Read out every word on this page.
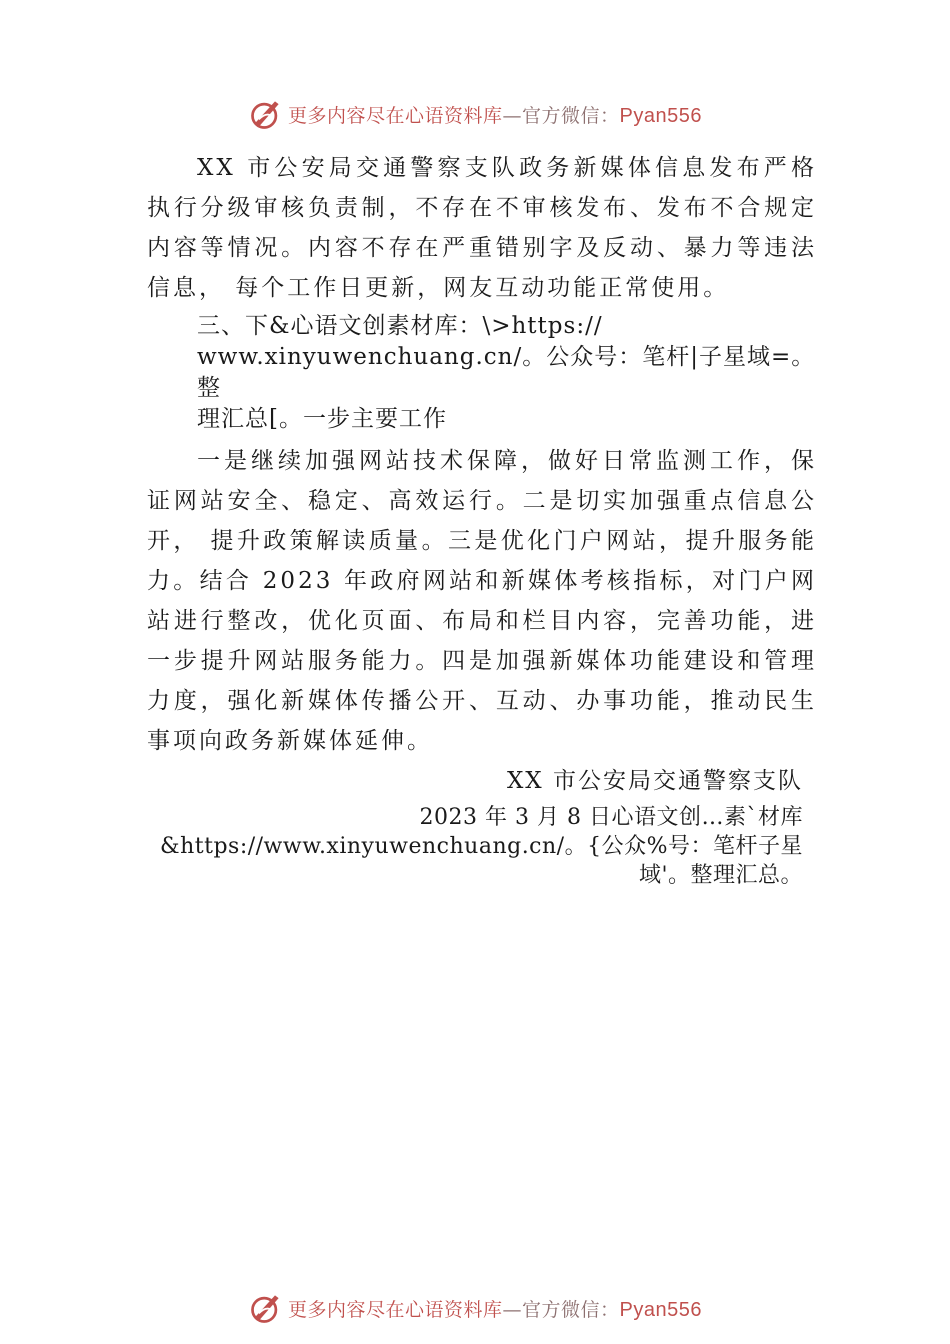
更多内容尽在心语资料库—官方微信：Pyan556

XX 市公安局交通警察支队政务新媒体信息发布严格执行分级审核负责制，不存在不审核发布、发布不合规定内容等情况。内容不存在严重错别字及反动、暴力等违法信息， 每个工作日更新，网友互动功能正常使用。

三、下&心语文创素材库：\>https://
www.xinyuwenchuang.cn/。公众号：笔杆|子星域=。整
理汇总[。一步主要工作

一是继续加强网站技术保障，做好日常监测工作，保证网站安全、稳定、高效运行。二是切实加强重点信息公开， 提升政策解读质量。三是优化门户网站，提升服务能力。结合 2023 年政府网站和新媒体考核指标，对门户网站进行整改，优化页面、布局和栏目内容，完善功能，进一步提升网站服务能力。四是加强新媒体功能建设和管理力度，强化新媒体传播公开、互动、办事功能，推动民生事项向政务新媒体延伸。

XX 市公安局交通警察支队

2023 年 3 月 8 日心语文创…素`材库
&https://www.xinyuwenchuang.cn/。{公众%号：笔杆子星
域'。整理汇总。
更多内容尽在心语资料库—官方微信：Pyan556
